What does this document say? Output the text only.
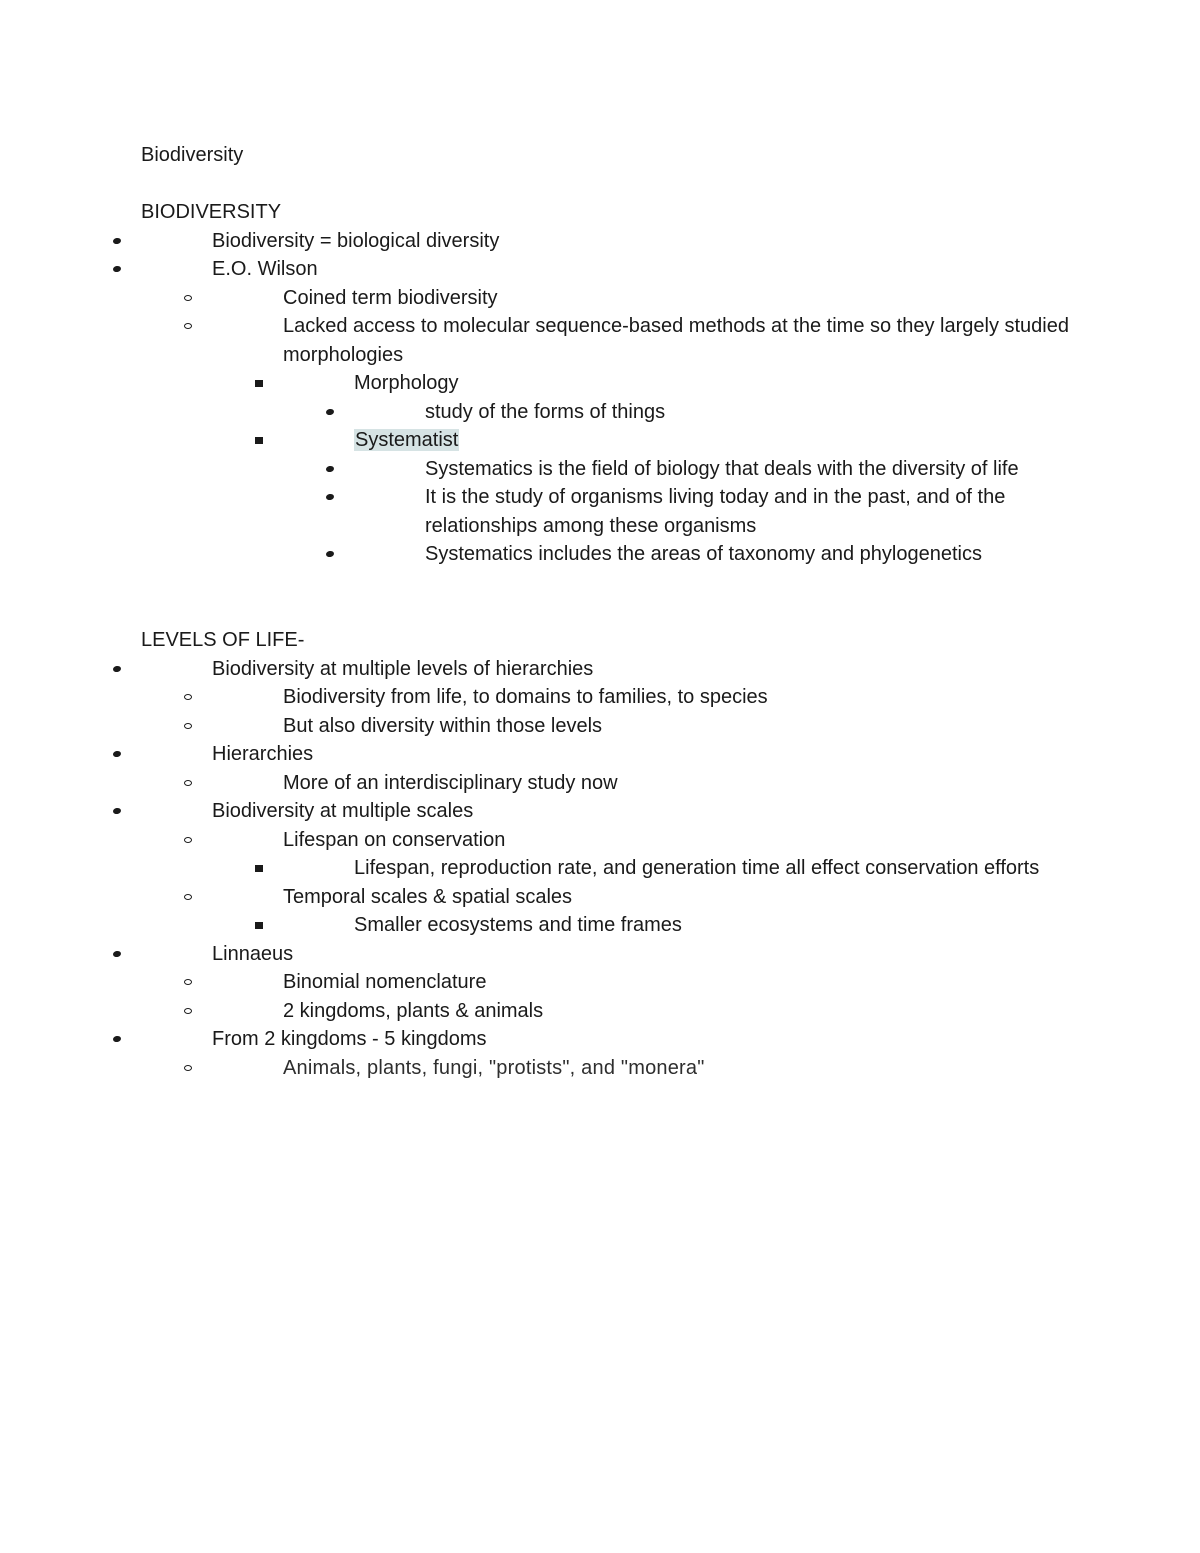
Biodiversity

BIODIVERSITY

Biodiversity = biological diversity
E.O. Wilson
Coined term biodiversity
Lacked access to molecular sequence-based methods at the time so they largely studied morphologies
Morphology
study of the forms of things
Systematist
Systematics is the field of biology that deals with the diversity of life
It is the study of organisms living today and in the past, and of the relationships among these organisms
Systematics includes the areas of taxonomy and phylogenetics

LEVELS OF LIFE-

Biodiversity at multiple levels of hierarchies
Biodiversity from life, to domains to families, to species
But also diversity within those levels
Hierarchies
More of an interdisciplinary study now
Biodiversity at multiple scales
Lifespan on conservation
Lifespan, reproduction rate, and generation time all effect conservation efforts
Temporal scales & spatial scales
Smaller ecosystems and time frames
Linnaeus
Binomial nomenclature
2 kingdoms, plants & animals
From 2 kingdoms - 5 kingdoms
Animals, plants, fungi, "protists", and "monera"
